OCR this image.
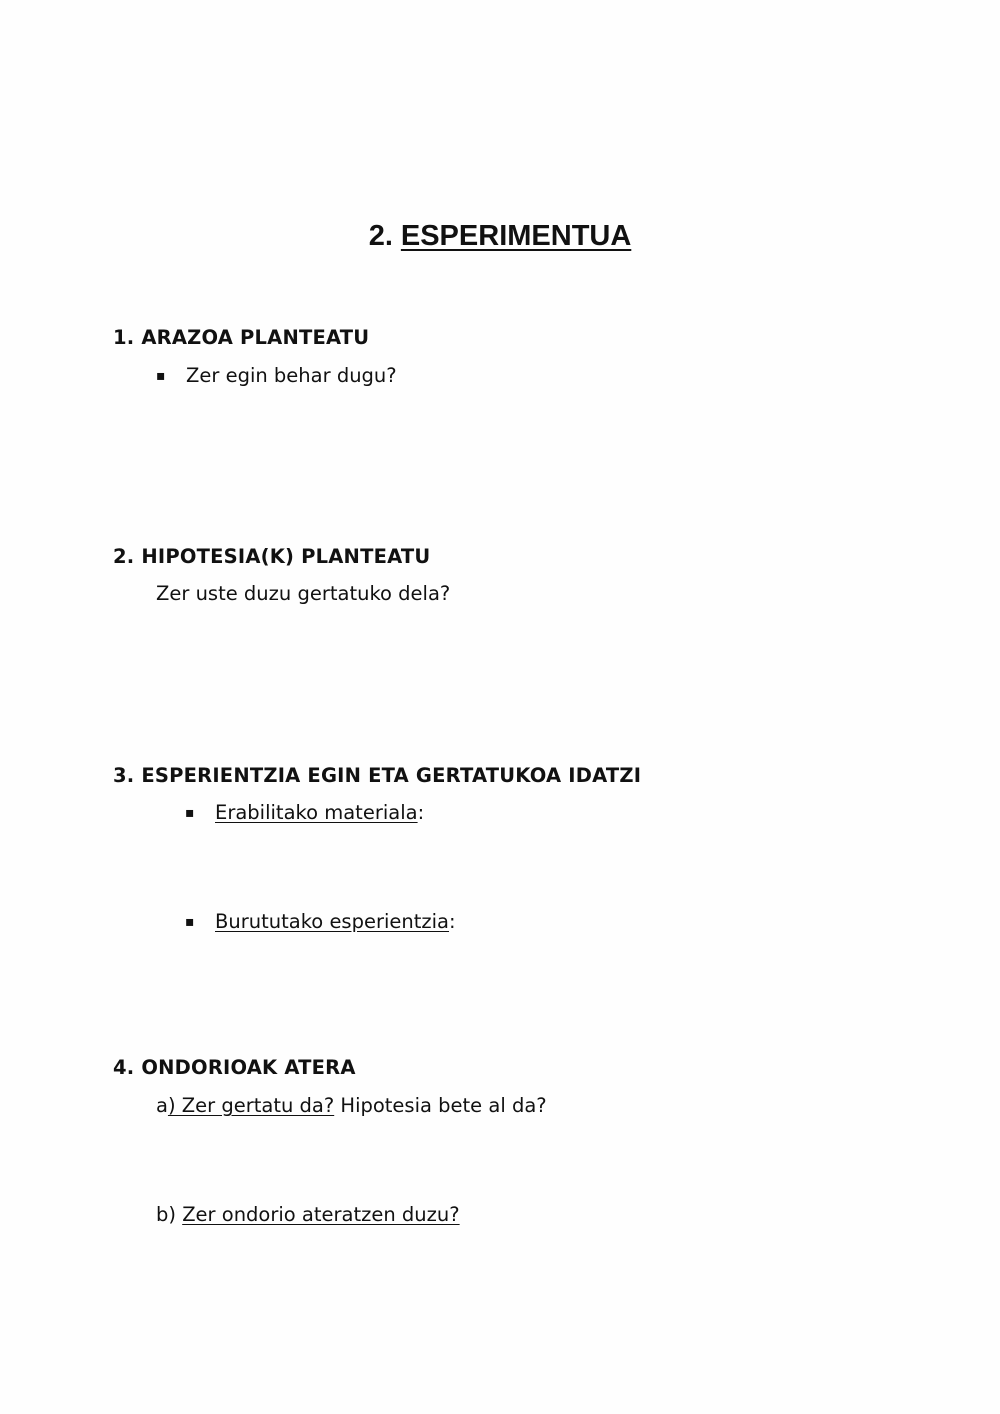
2. ESPERIMENTUA
1. ARAZOA PLANTEATU
▪ Zer egin behar dugu?
2. HIPOTESIA(K) PLANTEATU
Zer uste duzu gertatuko dela?
3. ESPERIENTZIA EGIN ETA GERTATUKOA IDATZI
▪ Erabilitako materiala:
▪ Burututako esperientzia:
4. ONDORIOAK ATERA
a) Zer gertatu da? Hipotesia bete al da?
b) Zer ondorio ateratzen duzu?
